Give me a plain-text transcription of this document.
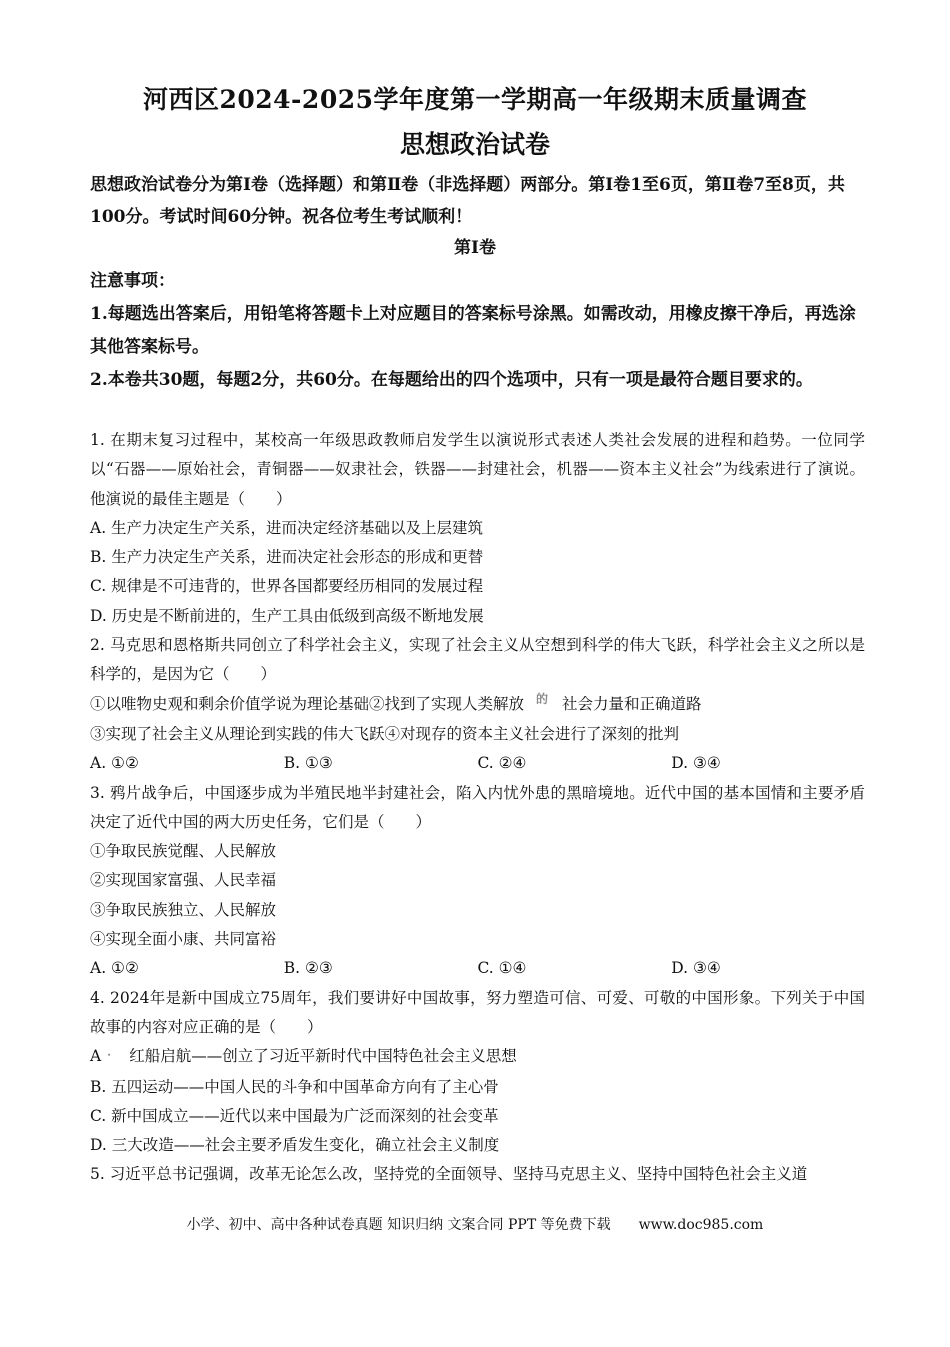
河西区2024-2025学年度第一学期高一年级期末质量调查
思想政治试卷
思想政治试卷分为第Ⅰ卷（选择题）和第Ⅱ卷（非选择题）两部分。第Ⅰ卷1至6页，第Ⅱ卷7至8页，共100分。考试时间60分钟。祝各位考生考试顺利！
第Ⅰ卷

注意事项：

1.每题选出答案后，用铅笔将答题卡上对应题目的答案标号涂黑。如需改动，用橡皮擦干净后，再选涂其他答案标号。

2.本卷共30题，每题2分，共60分。在每题给出的四个选项中，只有一项是最符合题目要求的。

1. 在期末复习过程中，某校高一年级思政教师启发学生以演说形式表述人类社会发展的进程和趋势。一位同学以“石器——原始社会，青铜器——奴隶社会，铁器——封建社会，机器——资本主义社会”为线索进行了演说。他演说的最佳主题是（　　）

A. 生产力决定生产关系，进而决定经济基础以及上层建筑

B. 生产力决定生产关系，进而决定社会形态的形成和更替

C. 规律是不可违背的，世界各国都要经历相同的发展过程

D. 历史是不断前进的，生产工具由低级到高级不断地发展

2. 马克思和恩格斯共同创立了科学社会主义，实现了社会主义从空想到科学的伟大飞跃，科学社会主义之所以是科学的，是因为它（　　）

①以唯物史观和剩余价值学说为理论基础②找到了实现人类解放 $^的$ 社会力量和正确道路

③实现了社会主义从理论到实践的伟大飞跃④对现存的资本主义社会进行了深刻的批判

A. ①②	B. ①③	C. ②④	D. ③④

3. 鸦片战争后，中国逐步成为半殖民地半封建社会，陷入内忧外患的黑暗境地。近代中国的基本国情和主要矛盾决定了近代中国的两大历史任务，它们是（　　）

①争取民族觉醒、人民解放

②实现国家富强、人民幸福

③争取民族独立、人民解放

④实现全面小康、共同富裕

A. ①②	B. ②③	C. ①④	D. ③④

4. 2024年是新中国成立75周年，我们要讲好中国故事，努力塑造可信、可爱、可敬的中国形象。下列关于中国故事的内容对应正确的是（　　）

A ． 红船启航——创立了习近平新时代中国特色社会主义思想

B. 五四运动——中国人民的斗争和中国革命方向有了主心骨

C. 新中国成立——近代以来中国最为广泛而深刻的社会变革

D. 三大改造——社会主要矛盾发生变化，确立社会主义制度

5. 习近平总书记强调，改革无论怎么改，坚持党的全面领导、坚持马克思主义、坚持中国特色社会主义道

小学、初中、高中各种试卷真题 知识归纳 文案合同 PPT 等免费下载 www.doc985.com
